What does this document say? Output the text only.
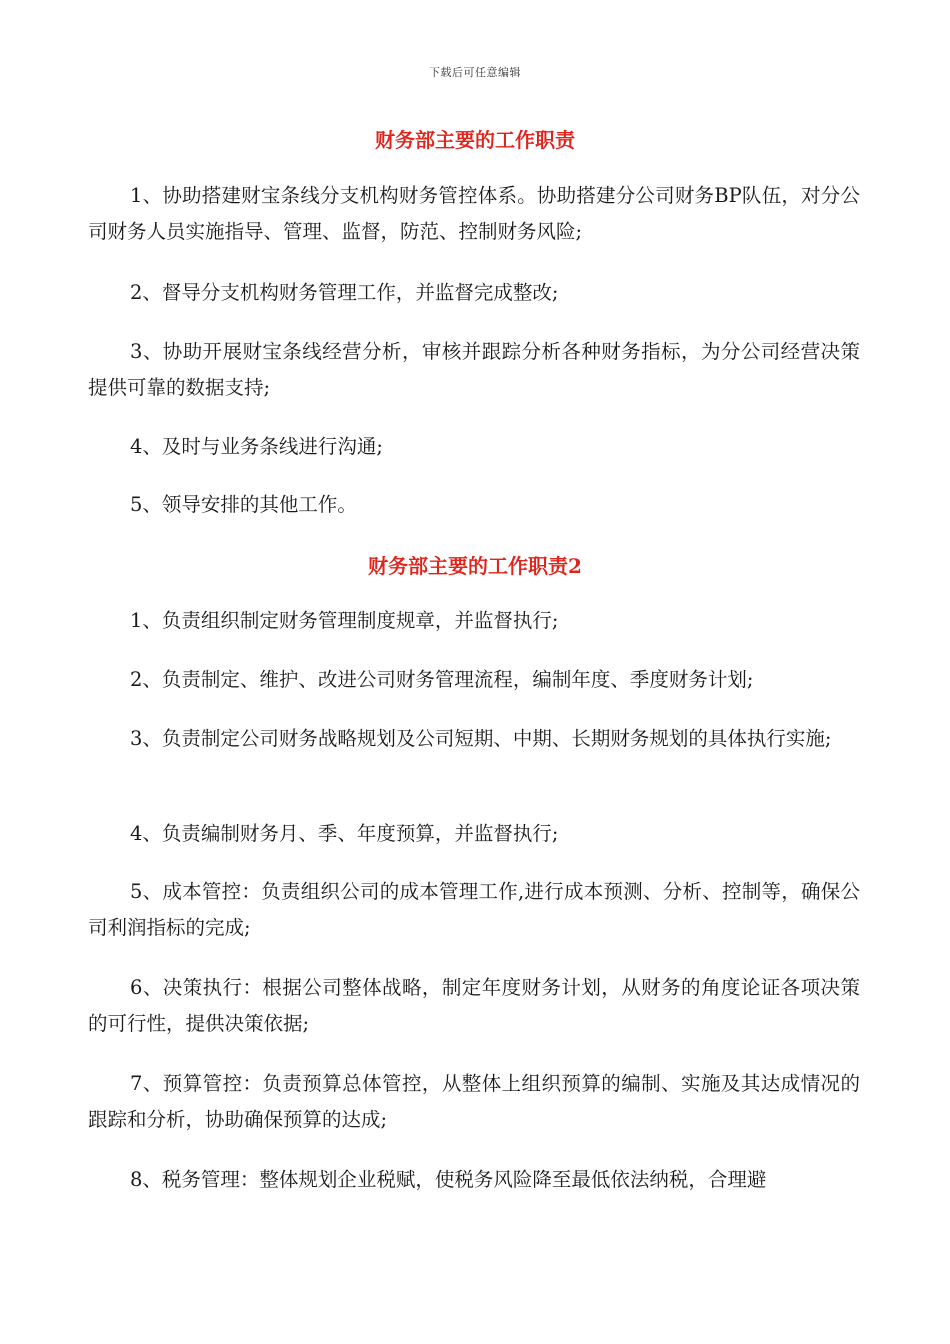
下载后可任意编辑
财务部主要的工作职责

1、协助搭建财宝条线分支机构财务管控体系。协助搭建分公司财务BP队伍，对分公司财务人员实施指导、管理、监督，防范、控制财务风险;

2、督导分支机构财务管理工作，并监督完成整改;

3、协助开展财宝条线经营分析，审核并跟踪分析各种财务指标，为分公司经营决策提供可靠的数据支持;

4、及时与业务条线进行沟通;

5、领导安排的其他工作。

财务部主要的工作职责2

1、负责组织制定财务管理制度规章，并监督执行;

2、负责制定、维护、改进公司财务管理流程，编制年度、季度财务计划;

3、负责制定公司财务战略规划及公司短期、中期、长期财务规划的具体执行实施;

4、负责编制财务月、季、年度预算，并监督执行;

5、成本管控：负责组织公司的成本管理工作,进行成本预测、分析、控制等，确保公司利润指标的完成;

6、决策执行：根据公司整体战略，制定年度财务计划，从财务的角度论证各项决策的可行性，提供决策依据;

7、预算管控：负责预算总体管控，从整体上组织预算的编制、实施及其达成情况的跟踪和分析，协助确保预算的达成;

8、税务管理：整体规划企业税赋，使税务风险降至最低依法纳税，合理避
